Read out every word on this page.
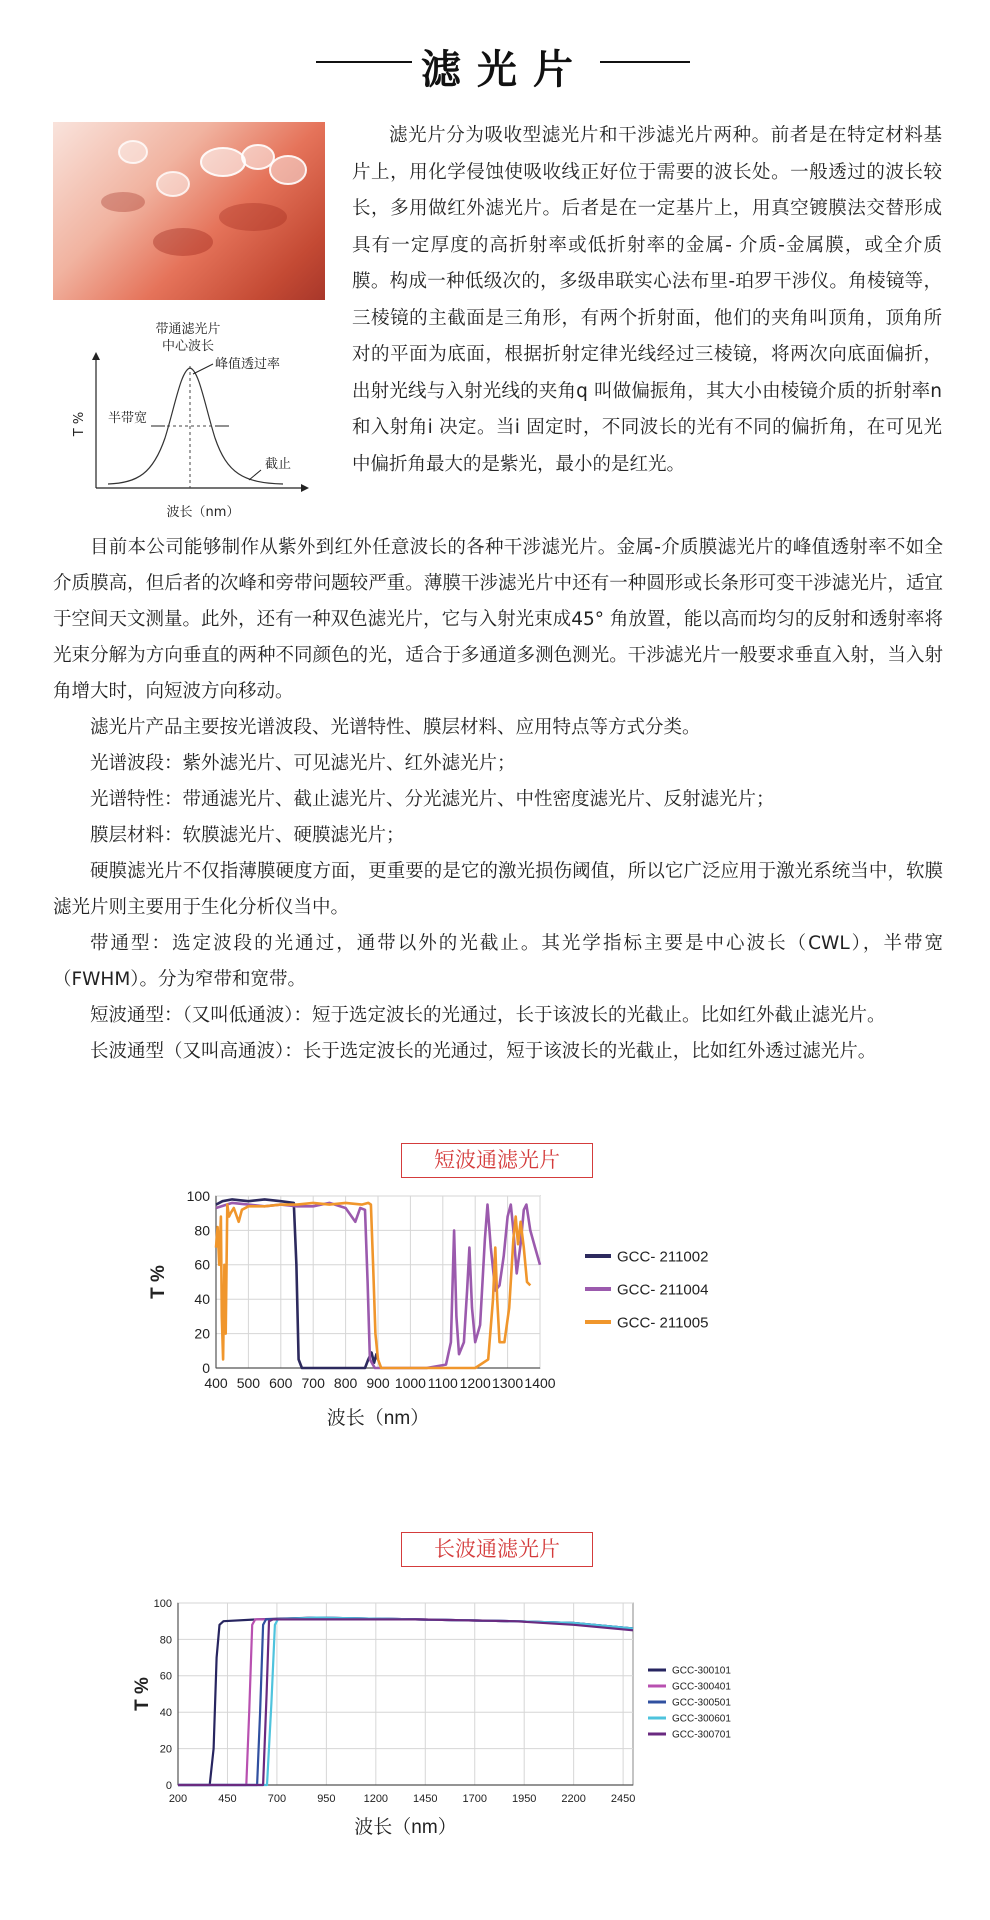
滤光片
带通滤光片
中心波长
峰值透过率
半带宽
截止
T %
波长（nm）

滤光片分为吸收型滤光片和干涉滤光片两种。前者是在特定材料基片上，用化学侵蚀使吸收线正好位于需要的波长处。一般透过的波长较长，多用做红外滤光片。后者是在一定基片上，用真空镀膜法交替形成具有一定厚度的高折射率或低折射率的金属- 介质-金属膜，或全介质膜。构成一种低级次的，多级串联实心法布里-珀罗干涉仪。角棱镜等，三棱镜的主截面是三角形，有两个折射面，他们的夹角叫顶角，顶角所对的平面为底面，根据折射定律光线经过三棱镜，将两次向底面偏折，出射光线与入射光线的夹角q 叫做偏振角，其大小由棱镜介质的折射率n 和入射角i 决定。当i 固定时，不同波长的光有不同的偏折角，在可见光中偏折角最大的是紫光，最小的是红光。

目前本公司能够制作从紫外到红外任意波长的各种干涉滤光片。金属-介质膜滤光片的峰值透射率不如全介质膜高，但后者的次峰和旁带问题较严重。薄膜干涉滤光片中还有一种圆形或长条形可变干涉滤光片，适宜于空间天文测量。此外，还有一种双色滤光片，它与入射光束成45° 角放置，能以高而均匀的反射和透射率将光束分解为方向垂直的两种不同颜色的光，适合于多通道多测色测光。干涉滤光片一般要求垂直入射，当入射角增大时，向短波方向移动。

滤光片产品主要按光谱波段、光谱特性、膜层材料、应用特点等方式分类。

光谱波段：紫外滤光片、可见滤光片、红外滤光片；

光谱特性：带通滤光片、截止滤光片、分光滤光片、中性密度滤光片、反射滤光片；

膜层材料：软膜滤光片、硬膜滤光片；

硬膜滤光片不仅指薄膜硬度方面，更重要的是它的激光损伤阈值，所以它广泛应用于激光系统当中，软膜滤光片则主要用于生化分析仪当中。

带通型：选定波段的光通过，通带以外的光截止。其光学指标主要是中心波长（CWL），半带宽（FWHM）。分为窄带和宽带。

短波通型：（又叫低通波）：短于选定波长的光通过，长于该波长的光截止。比如红外截止滤光片。

长波通型（又叫高通波）：长于选定波长的光通过，短于该波长的光截止，比如红外透过滤光片。

短波通滤光片
400 500 600 700 800 900 1000 1100 1200 1300 1400
0
20
40
60
80
100
GCC- 211002
GCC- 211004
GCC- 211005
波长（nm）
T %
长波通滤光片
200	450	700	950	1200 1450 1700 1950 2200 2450
0
20
40
60
80
100
GCC-300101
GCC-300401
GCC-300501
GCC-300601
GCC-300701
波长（nm）
T %
